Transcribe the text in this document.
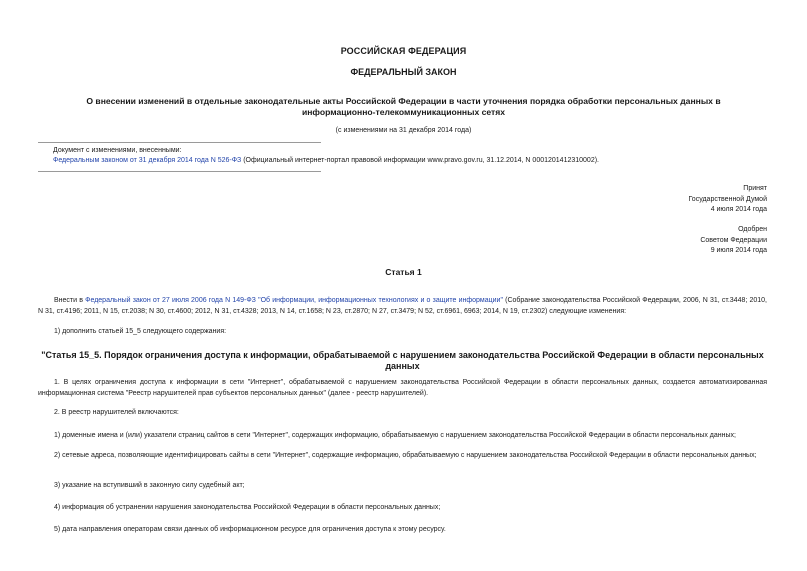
РОССИЙСКАЯ ФЕДЕРАЦИЯ
ФЕДЕРАЛЬНЫЙ ЗАКОН
О внесении изменений в отдельные законодательные акты Российской Федерации в части уточнения порядка обработки персональных данных в
информационно-телекоммуникационных сетях
(с изменениями на 31 декабря 2014 года)
Документ с изменениями, внесенными:
Федеральным законом от 31 декабря 2014 года N 526-ФЗ (Официальный интернет-портал правовой информации www.pravo.gov.ru, 31.12.2014, N 0001201412310002).
Принят
Государственной Думой
4 июля 2014 года
Одобрен
Советом Федерации
9 июля 2014 года
Статья 1
Внести в Федеральный закон от 27 июля 2006 года N 149-ФЗ "Об информации, информационных технологиях и о защите информации" (Собрание законодательства Российской Федерации, 2006, N 31, ст.3448; 2010, N 31, ст.4196; 2011, N 15, ст.2038; N 30, ст.4600; 2012, N 31, ст.4328; 2013, N 14, ст.1658; N 23, ст.2870; N 27, ст.3479; N 52, ст.6961, 6963; 2014, N 19, ст.2302) следующие изменения:
1) дополнить статьей 15_5 следующего содержания:
"Статья 15_5. Порядок ограничения доступа к информации, обрабатываемой с нарушением законодательства Российской Федерации в области персональных данных
1. В целях ограничения доступа к информации в сети "Интернет", обрабатываемой с нарушением законодательства Российской Федерации в области персональных данных, создается автоматизированная информационная система "Реестр нарушителей прав субъектов персональных данных" (далее - реестр нарушителей).
2. В реестр нарушителей включаются:
1) доменные имена и (или) указатели страниц сайтов в сети "Интернет", содержащих информацию, обрабатываемую с нарушением законодательства Российской Федерации в области персональных данных;
2) сетевые адреса, позволяющие идентифицировать сайты в сети "Интернет", содержащие информацию, обрабатываемую с нарушением законодательства Российской Федерации в области персональных данных;
3) указание на вступивший в законную силу судебный акт;
4) информация об устранении нарушения законодательства Российской Федерации в области персональных данных;
5) дата направления операторам связи данных об информационном ресурсе для ограничения доступа к этому ресурсу.
